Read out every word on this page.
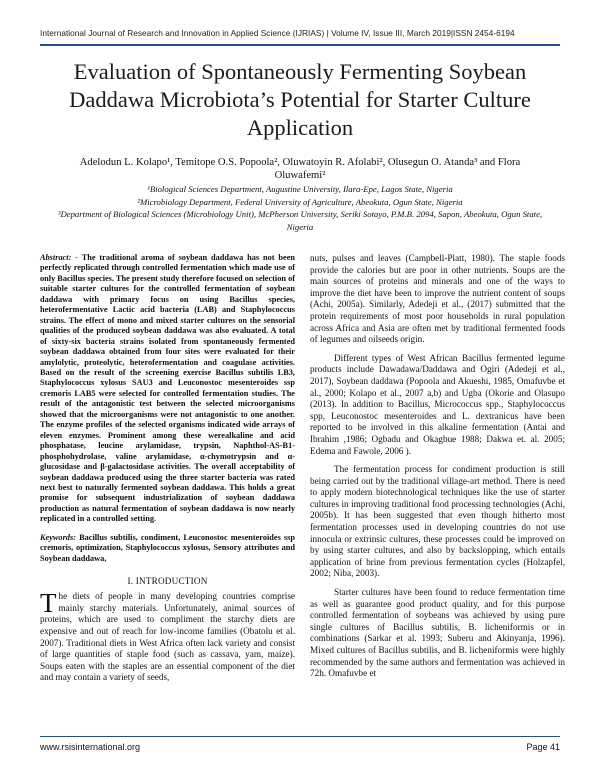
International Journal of Research and Innovation in Applied Science (IJRIAS) | Volume IV, Issue III, March 2019|ISSN 2454-6194
Evaluation of Spontaneously Fermenting Soybean Daddawa Microbiota’s Potential for Starter Culture Application
Adelodun L. Kolapo¹, Temitope O.S. Popoola², Oluwatoyin R. Afolabi², Olusegun O. Atanda³ and Flora Oluwafemi²
¹Biological Sciences Department, Augustine University, Ilara-Epe, Lagos State, Nigeria
²Microbiology Department, Federal University of Agriculture, Abeokuta, Ogun State, Nigeria
³Department of Biological Sciences (Microbiology Unit), McPherson University, Seriki Sotayo, P.M.B. 2094, Sapon, Abeokuta, Ogun State, Nigeria

Abstract: - The traditional aroma of soybean daddawa has not been perfectly replicated through controlled fermentation which made use of only Bacillus species. The present study therefore focused on selection of suitable starter cultures for the controlled fermentation of soybean daddawa with primary focus on using Bacillus species, heterofermentative Lactic acid bacteria (LAB) and Staphylococcus strains. The effect of mono and mixed starter cultures on the sensorial qualities of the produced soybean daddawa was also evaluated. A total of sixty-six bacteria strains isolated from spontaneously fermented soybean daddawa obtained from four sites were evaluated for their amylolytic, proteolytic, heterofermentation and coagulase activities. Based on the result of the screening exercise Bacillus subtilis LB3, Staphylococcus xylosus SAU3 and Leuconostoc mesenteroides ssp cremoris LAB5 were selected for controlled fermentation studies. The result of the antagonistic test between the selected microorganisms showed that the microorganisms were not antagonistic to one another. The enzyme profiles of the selected organisms indicated wide arrays of eleven enzymes. Prominent among these werealkaline and acid phosphatase, leucine arylamidase, trypsin, Naphthol-AS-B1-phosphohydrolase, valine arylamidase, α-chymotrypsin and α-glucosidase and β-galactosidase activities. The overall acceptability of soybean daddawa produced using the three starter bacteria was rated next best to naturally fermented soybean daddawa. This holds a great promise for subsequent industrialization of soybean daddawa production as natural fermentation of soybean daddawa is now nearly replicated in a controlled setting.

Keywords: Bacillus subtilis, condiment, Leuconostoc mesenteroides ssp cremoris, optimization, Staphylococcus xylosus, Sensory attributes and Soybean daddawa,

I. INTRODUCTION

The diets of people in many developing countries comprise mainly starchy materials. Unfortunately, animal sources of proteins, which are used to compliment the starchy diets are expensive and out of reach for low-income families (Obatolu et al. 2007). Traditional diets in West Africa often lack variety and consist of large quantities of staple food (such as cassava, yam, maize). Soups eaten with the staples are an essential component of the diet and may contain a variety of seeds,

nuts, pulses and leaves (Campbell-Platt, 1980). The staple foods provide the calories but are poor in other nutrients. Soups are the main sources of proteins and minerals and one of the ways to improve the diet have been to improve the nutrient content of soups (Achi, 2005a). Similarly, Adedeji et al., (2017) submitted that the protein requirements of most poor households in rural population across Africa and Asia are often met by traditional fermented foods of legumes and oilseeds origin.

Different types of West African Bacillus fermented legume products include Dawadawa/Daddawa and Ogiri (Adedeji et al., 2017), Soybean daddawa (Popoola and Akueshi, 1985, Omafuvbe et al., 2000; Kolapo et al., 2007 a,b) and Ugba (Okorie and Olasupo (2013). In addition to Bacillus, Micrococcus spp., Staphylococcus spp, Leuconostoc mesenteroides and L. dextranicus have been reported to be involved in this alkaline fermentation (Antai and Ibrahim ,1986; Ogbadu and Okagbue 1988; Dakwa et. al. 2005; Edema and Fawole, 2006 ).

The fermentation process for condiment production is still being carried out by the traditional village-art method. There is need to apply modern biotechnological techniques like the use of starter cultures in improving traditional food processing technologies (Achi, 2005b). It has been suggested that even though hitherto most fermentation processes used in developing countries do not use innocula or extrinsic cultures, these processes could be improved on by using starter cultures, and also by backslopping, which entails application of brine from previous fermentation cycles (Holzapfel, 2002; Niba, 2003).

Starter cultures have been found to reduce fermentation time as well as guarantee good product quality, and for this purpose controlled fermentation of soybeans was achieved by using pure single cultures of Bacillus subtilis, B. licheniformis or in combinations (Sarkar et al. 1993; Suberu and Akinyanja, 1996). Mixed cultures of Bacillus subtilis, and B. licheniformis were highly recommended by the same authors and fermentation was achieved in 72h. Omafuvbe et

www.rsisinternational.org	Page 41
